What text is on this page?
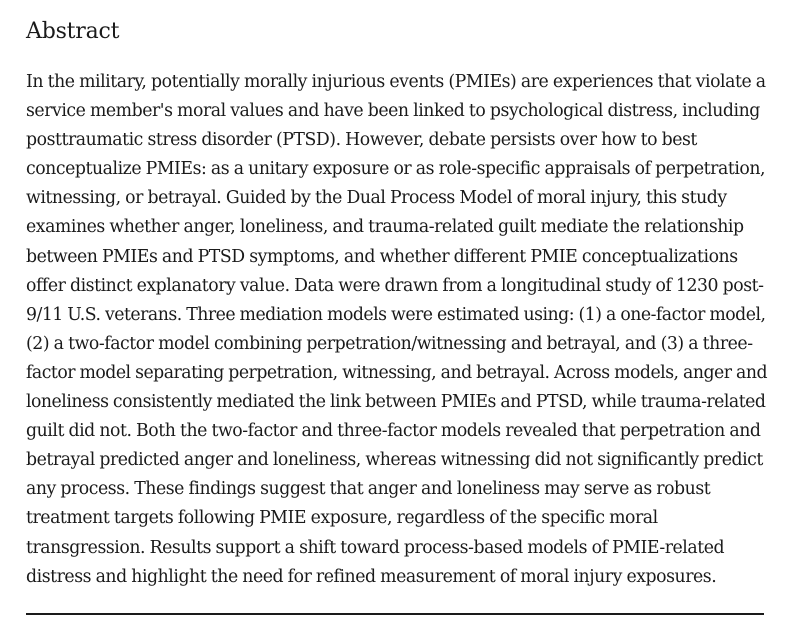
Abstract
In the military, potentially morally injurious events (PMIEs) are experiences that violate a
service member's moral values and have been linked to psychological distress, including
posttraumatic stress disorder (PTSD). However, debate persists over how to best
conceptualize PMIEs: as a unitary exposure or as role-specific appraisals of perpetration,
witnessing, or betrayal. Guided by the Dual Process Model of moral injury, this study
examines whether anger, loneliness, and trauma-related guilt mediate the relationship
between PMIEs and PTSD symptoms, and whether different PMIE conceptualizations
offer distinct explanatory value. Data were drawn from a longitudinal study of 1230 post-
9/11 U.S. veterans. Three mediation models were estimated using: (1) a one-factor model,
(2) a two-factor model combining perpetration/witnessing and betrayal, and (3) a three-
factor model separating perpetration, witnessing, and betrayal. Across models, anger and
loneliness consistently mediated the link between PMIEs and PTSD, while trauma-related
guilt did not. Both the two-factor and three-factor models revealed that perpetration and
betrayal predicted anger and loneliness, whereas witnessing did not significantly predict
any process. These findings suggest that anger and loneliness may serve as robust
treatment targets following PMIE exposure, regardless of the specific moral
transgression. Results support a shift toward process-based models of PMIE-related
distress and highlight the need for refined measurement of moral injury exposures.
